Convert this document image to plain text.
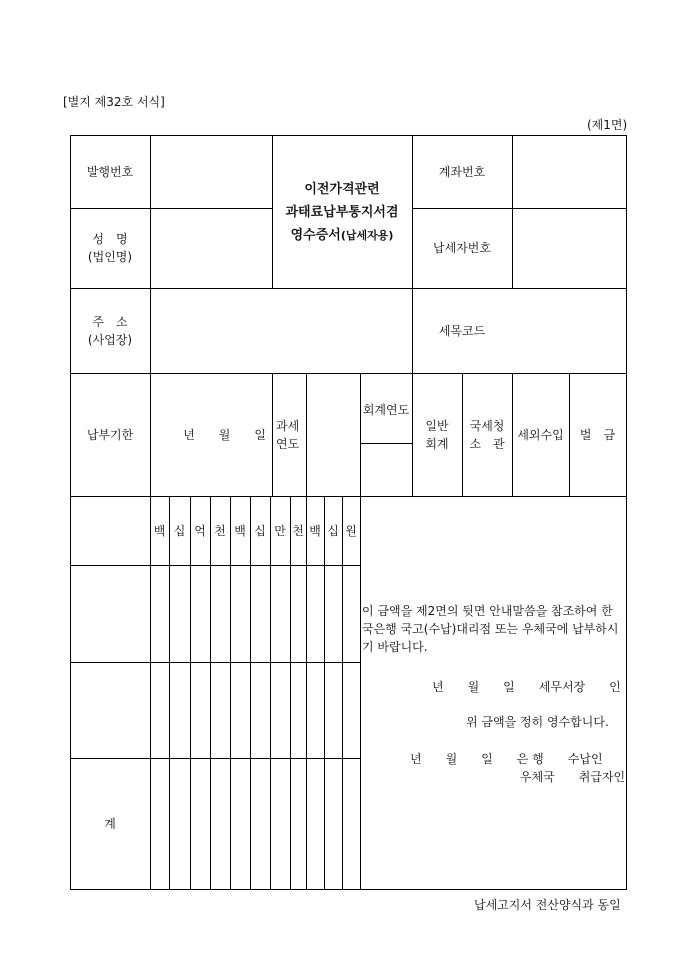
[별지 제32호 서식]
(제1면)
발행번호
이전가격관련
과태료납부통지서겸
영수증서(납세자용)
계좌번호
성　명
(법인명)
납세자번호
주　소
(사업장)
세목코드
납부기한	년　　월　　일
과세
연도
회계연도
일반
회계
국세청
소　관
세외수입	벌　금
백 십 억 천 백 십 만 천 백 십 원
이 금액을 제2면의 뒷면 안내말씀을 참조하여 한국은행 국고(수납)대리점 또는 우체국에 납부하시기 바랍니다.
년　　월　　일　　세무서장　　인
위 금액을 정히 영수합니다.
년　　월　　일　　은 행　　수납인
우체국　　취급자인
계
납세고지서 전산양식과 동일
